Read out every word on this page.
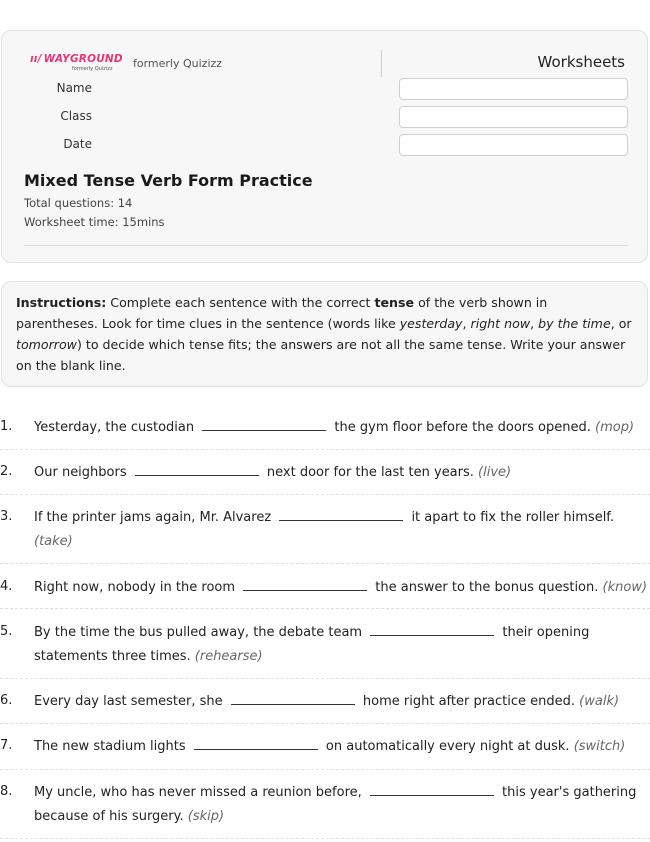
ıı/ WAYGROUND
formerly Quizizz formerly Quizizz	Worksheets
Name
Class
Date
Mixed Tense Verb Form Practice
Total questions: 14
Worksheet time: 15mins
Instructions: Complete each sentence with the correct tense of the verb shown in parentheses. Look for time clues in the sentence (words like yesterday, right now, by the time, or tomorrow) to decide which tense fits; the answers are not all the same tense. Write your answer on the blank line.
1. Yesterday, the custodian	the gym floor before the doors opened. (mop)
2. Our neighbors	next door for the last ten years. (live)
3. If the printer jams again, Mr. Alvarez	it apart to fix the roller himself. (take)
4. Right now, nobody in the room	the answer to the bonus question. (know)
5. By the time the bus pulled away, the debate team	their opening statements three times. (rehearse)
6. Every day last semester, she	home right after practice ended. (walk)
7. The new stadium lights	on automatically every night at dusk. (switch)
8. My uncle, who has never missed a reunion before,	this year's gathering because of his surgery. (skip)
